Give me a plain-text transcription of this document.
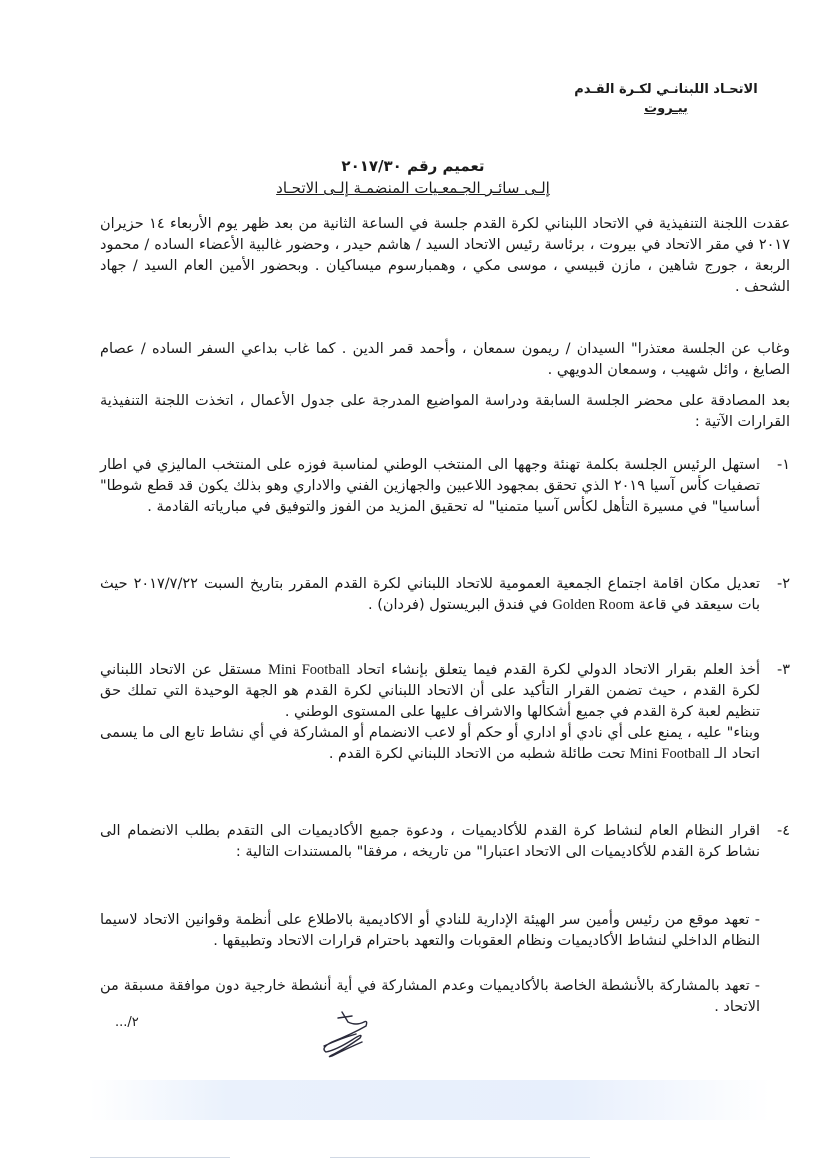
الاتحـاد اللبنانـي لكـرة القـدم
بيـروت
تعميم رقم ٢٠١٧/٣٠
إلـى سائـر الجـمعـيات المنضمـة إلـى الاتحـاد
عقدت اللجنة التنفيذية في الاتحاد اللبناني لكرة القدم جلسة في الساعة الثانية من بعد ظهر يوم الأربعاء ١٤ حزيران ٢٠١٧ في مقر الاتحاد في بيروت ، برئاسة رئيس الاتحاد السيد / هاشم حيدر ، وحضور غالبية الأعضاء الساده / محمود الربعة ، جورج شاهين ، مازن قبيسي ، موسى مكي ، وهمبارسوم ميساكيان . وبحضور الأمين العام السيد / جهاد الشحف .
وغاب عن الجلسة معتذرا" السيدان / ريمون سمعان ، وأحمد قمر الدين . كما غاب بداعي السفر الساده / عصام الصايغ ، وائل شهيب ، وسمعان الدويهي .
بعد المصادقة على محضر الجلسة السابقة ودراسة المواضيع المدرجة على جدول الأعمال ، اتخذت اللجنة التنفيذية القرارات الآتية :
١-
استهل الرئيس الجلسة بكلمة تهنئة وجهها الى المنتخب الوطني لمناسبة فوزه على المنتخب الماليزي في اطار تصفيات كأس آسيا ٢٠١٩ الذي تحقق بمجهود اللاعبين والجهازين الفني والاداري وهو بذلك يكون قد قطع شوطا" أساسيا" في مسيرة التأهل لكأس آسيا متمنيا" له تحقيق المزيد من الفوز والتوفيق في مبارياته القادمة .
٢-
تعديل مكان اقامة اجتماع الجمعية العمومية للاتحاد اللبناني لكرة القدم المقرر بتاريخ السبت ٢٠١٧/٧/٢٢ حيث بات سيعقد في قاعة Golden Room في فندق البريستول (فردان) .
٣-
أخذ العلم بقرار الاتحاد الدولي لكرة القدم فيما يتعلق بإنشاء اتحاد Mini Football مستقل عن الاتحاد اللبناني لكرة القدم ، حيث تضمن القرار التأكيد على أن الاتحاد اللبناني لكرة القدم هو الجهة الوحيدة التي تملك حق تنظيم لعبة كرة القدم في جميع أشكالها والاشراف عليها على المستوى الوطني .
وبناء" عليه ، يمنع على أي نادي أو اداري أو حكم أو لاعب الانضمام أو المشاركة في أي نشاط تابع الى ما يسمى اتحاد الـ Mini Football تحت طائلة شطبه من الاتحاد اللبناني لكرة القدم .
٤-
اقرار النظام العام لنشاط كرة القدم للأكاديميات ، ودعوة جميع الأكاديميات الى التقدم بطلب الانضمام الى نشاط كرة القدم للأكاديميات الى الاتحاد اعتبارا" من تاريخه ، مرفقا" بالمستندات التالية :
- تعهد موقع من رئيس وأمين سر الهيئة الإدارية للنادي أو الاكاديمية بالاطلاع على أنظمة وقوانين الاتحاد لاسيما النظام الداخلي لنشاط الأكاديميات ونظام العقوبات والتعهد باحترام قرارات الاتحاد وتطبيقها .
- تعهد بالمشاركة بالأنشطة الخاصة بالأكاديميات وعدم المشاركة في أية أنشطة خارجية دون موافقة مسبقة من الاتحاد .
٢/...
